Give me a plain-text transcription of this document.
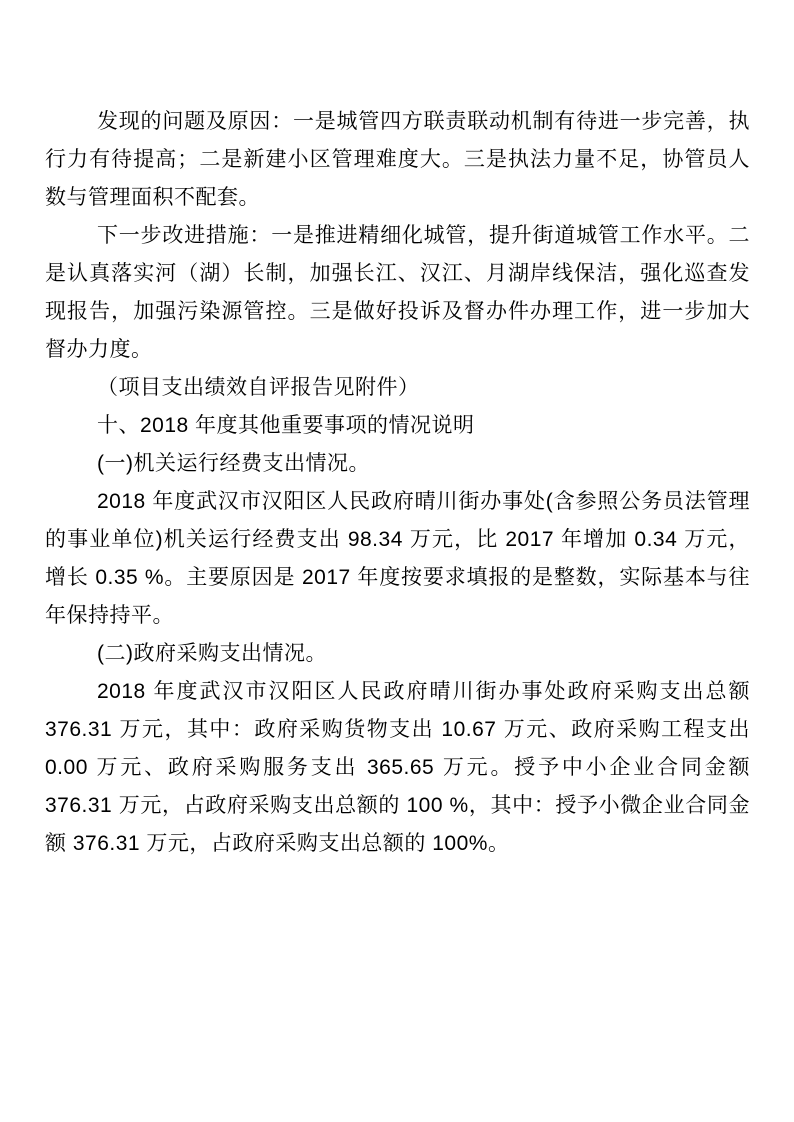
发现的问题及原因：一是城管四方联责联动机制有待进一步完善，执行力有待提高；二是新建小区管理难度大。三是执法力量不足，协管员人数与管理面积不配套。

下一步改进措施：一是推进精细化城管，提升街道城管工作水平。二是认真落实河（湖）长制，加强长江、汉江、月湖岸线保洁，强化巡查发现报告，加强污染源管控。三是做好投诉及督办件办理工作，进一步加大督办力度。

（项目支出绩效自评报告见附件）

十、2018 年度其他重要事项的情况说明

(一)机关运行经费支出情况。

2018 年度武汉市汉阳区人民政府晴川街办事处(含参照公务员法管理的事业单位)机关运行经费支出 98.34 万元，比 2017 年增加 0.34 万元，增长 0.35 %。主要原因是 2017 年度按要求填报的是整数，实际基本与往年保持持平。

(二)政府采购支出情况。

2018 年度武汉市汉阳区人民政府晴川街办事处政府采购支出总额 376.31 万元，其中：政府采购货物支出 10.67 万元、政府采购工程支出 0.00 万元、政府采购服务支出 365.65 万元。授予中小企业合同金额 376.31 万元，占政府采购支出总额的 100 %，其中：授予小微企业合同金额 376.31 万元，占政府采购支出总额的 100%。
